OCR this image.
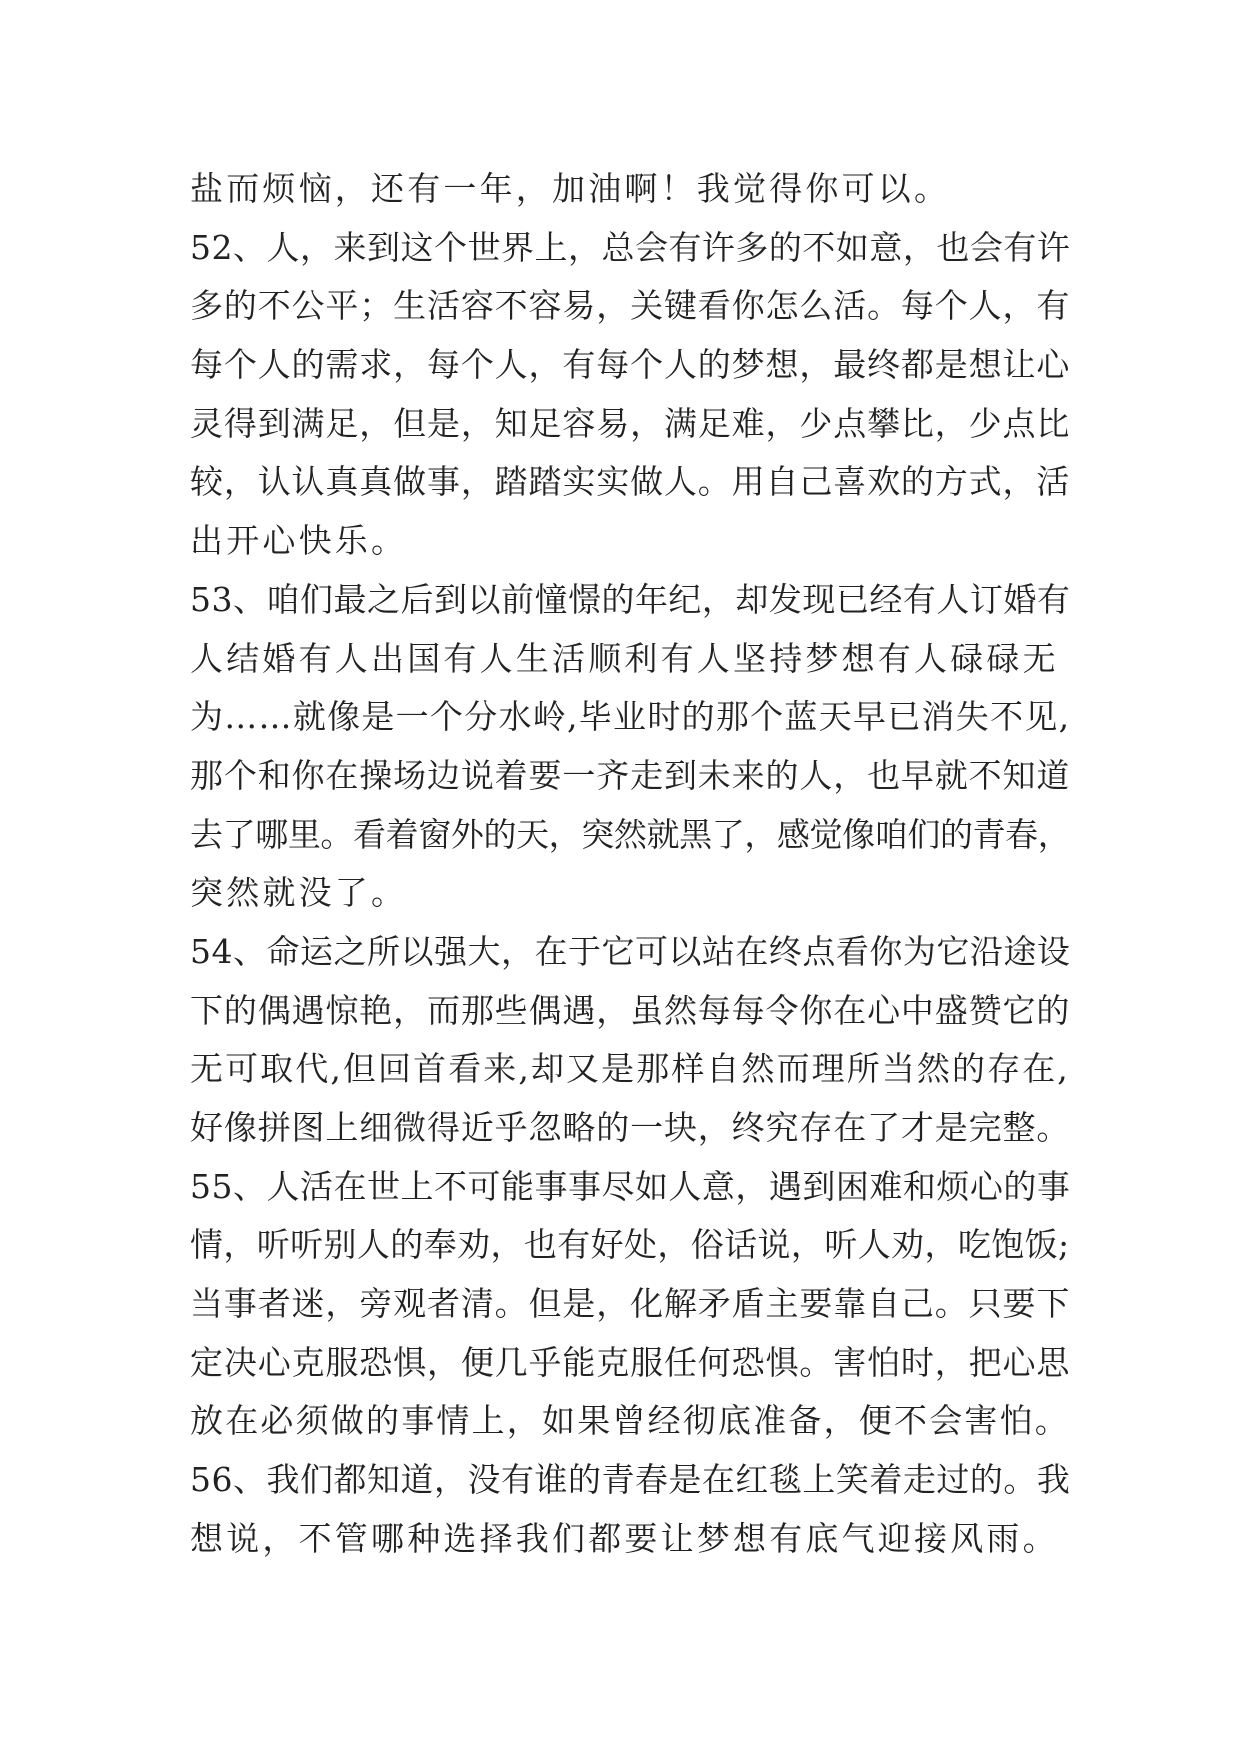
盐而烦恼，还有一年，加油啊！我觉得你可以。
52、人，来到这个世界上，总会有许多的不如意，也会有许
多的不公平；生活容不容易，关键看你怎么活。每个人，有
每个人的需求，每个人，有每个人的梦想，最终都是想让心
灵得到满足，但是，知足容易，满足难，少点攀比，少点比
较，认认真真做事，踏踏实实做人。用自己喜欢的方式，活
出开心快乐。
53、咱们最之后到以前憧憬的年纪，却发现已经有人订婚有
人结婚有人出国有人生活顺利有人坚持梦想有人碌碌无
为……就像是一个分水岭,毕业时的那个蓝天早已消失不见,
那个和你在操场边说着要一齐走到未来的人，也早就不知道
去了哪里。看着窗外的天，突然就黑了，感觉像咱们的青春，
突然就没了。
54、命运之所以强大，在于它可以站在终点看你为它沿途设
下的偶遇惊艳，而那些偶遇，虽然每每令你在心中盛赞它的
无可取代,但回首看来,却又是那样自然而理所当然的存在,
好像拼图上细微得近乎忽略的一块，终究存在了才是完整。
55、人活在世上不可能事事尽如人意，遇到困难和烦心的事
情，听听别人的奉劝，也有好处，俗话说，听人劝，吃饱饭;
当事者迷，旁观者清。但是，化解矛盾主要靠自己。只要下
定决心克服恐惧，便几乎能克服任何恐惧。害怕时，把心思
放在必须做的事情上，如果曾经彻底准备，便不会害怕。
56、我们都知道，没有谁的青春是在红毯上笑着走过的。我
想说，不管哪种选择我们都要让梦想有底气迎接风雨。
